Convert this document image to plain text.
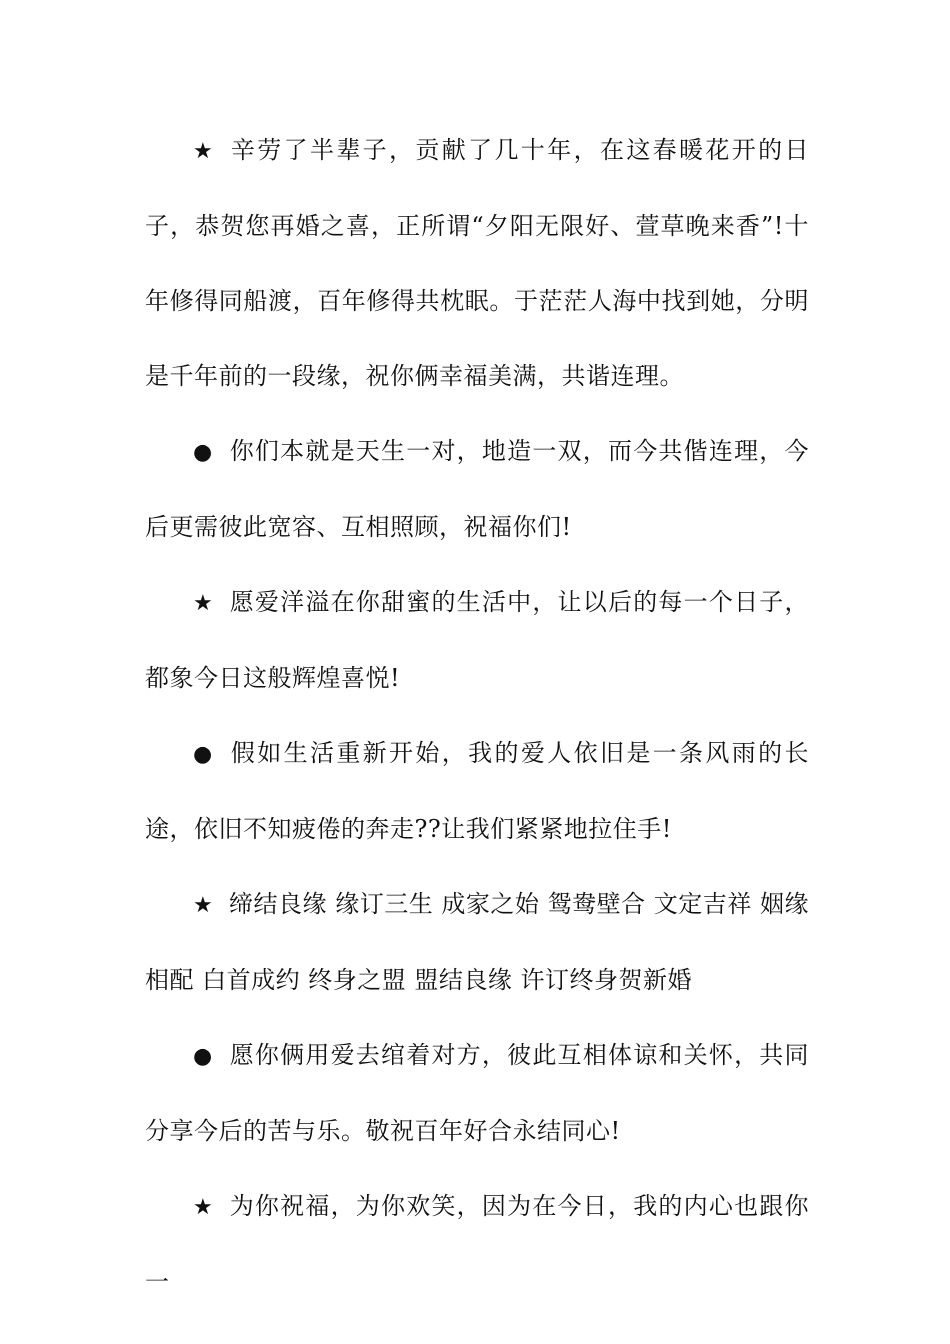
★ 辛劳了半辈子，贡献了几十年，在这春暖花开的日子，恭贺您再婚之喜，正所谓“夕阳无限好、萱草晚来香”!十年修得同船渡，百年修得共枕眠。于茫茫人海中找到她，分明是千年前的一段缘，祝你俩幸福美满，共谐连理。

● 你们本就是天生一对，地造一双，而今共偕连理，今后更需彼此宽容、互相照顾，祝福你们!

★ 愿爱洋溢在你甜蜜的生活中，让以后的每一个日子，都象今日这般辉煌喜悦!

● 假如生活重新开始，我的爱人依旧是一条风雨的长途，依旧不知疲倦的奔走??让我们紧紧地拉住手!

★ 缔结良缘 缘订三生 成家之始 鸳鸯壁合 文定吉祥 姻缘相配 白首成约 终身之盟 盟结良缘 许订终身贺新婚

● 愿你俩用爱去绾着对方，彼此互相体谅和关怀，共同分享今后的苦与乐。敬祝百年好合永结同心!

★ 为你祝福，为你欢笑，因为在今日，我的内心也跟你一
